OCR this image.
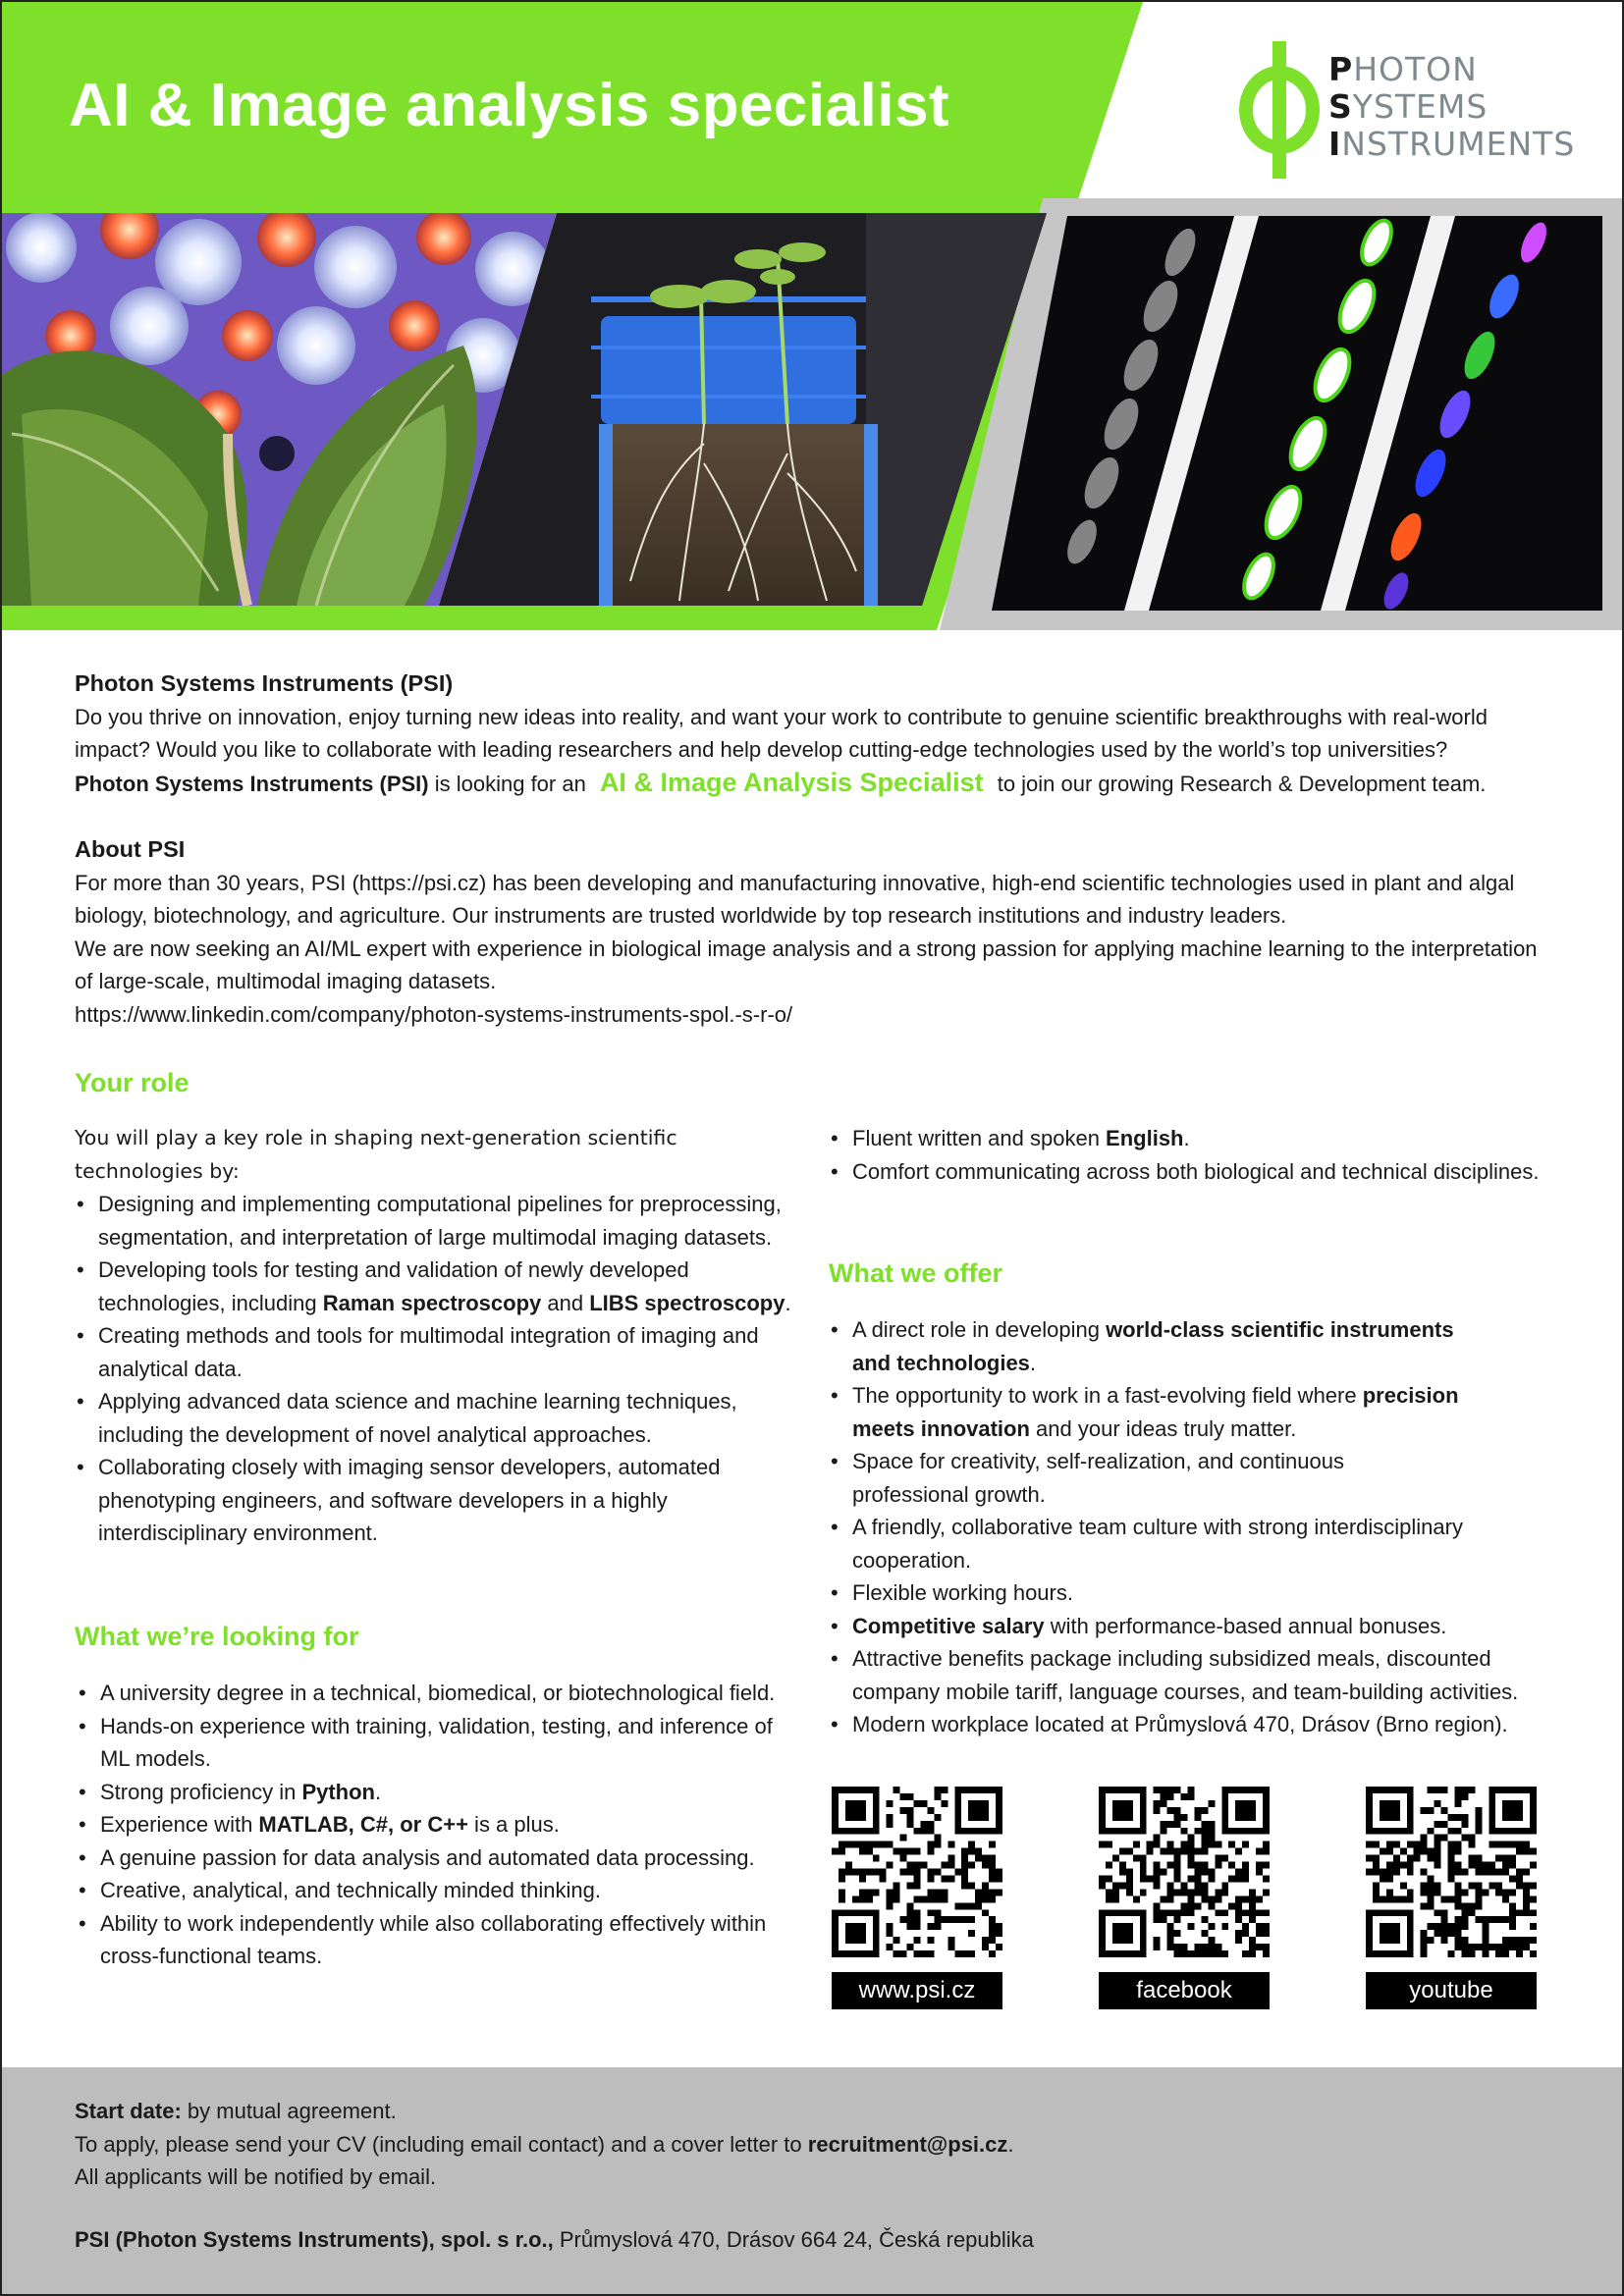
AI & Image analysis specialist
PHOTON
SYSTEMS
INSTRUMENTS

Photon Systems Instruments (PSI)

Do you thrive on innovation, enjoy turning new ideas into reality, and want your work to contribute to genuine scientific breakthroughs with real-world impact? Would you like to collaborate with leading researchers and help develop cutting-edge technologies used by the world’s top universities?

Photon Systems Instruments (PSI) is looking for an AI & Image Analysis Specialist to join our growing Research & Development team.

About PSI

For more than 30 years, PSI (https://psi.cz) has been developing and manufacturing innovative, high-end scientific technologies used in plant and algal biology, biotechnology, and agriculture. Our instruments are trusted worldwide by top research institutions and industry leaders.

We are now seeking an AI/ML expert with experience in biological image analysis and a strong passion for applying machine learning to the interpretation of large-scale, multimodal imaging datasets.

https://www.linkedin.com/company/photon-systems-instruments-spol.-s-r-o/

Your role

You will play a key role in shaping next-generation scientific technologies by:

• Designing and implementing computational pipelines for preprocessing, segmentation, and interpretation of large multimodal imaging datasets.
• Developing tools for testing and validation of newly developed technologies, including Raman spectroscopy and LIBS spectroscopy.
• Creating methods and tools for multimodal integration of imaging and analytical data.
• Applying advanced data science and machine learning techniques, including the development of novel analytical approaches.
• Collaborating closely with imaging sensor developers, automated phenotyping engineers, and software developers in a highly interdisciplinary environment.
What we’re looking for
• A university degree in a technical, biomedical, or biotechnological field.
• Hands-on experience with training, validation, testing, and inference of ML models.
• Strong proficiency in Python.
• Experience with MATLAB, C#, or C++ is a plus.
• A genuine passion for data analysis and automated data processing.
• Creative, analytical, and technically minded thinking.
• Ability to work independently while also collaborating effectively within cross-functional teams.
• Fluent written and spoken English.
• Comfort communicating across both biological and technical disciplines.
What we offer
• A direct role in developing world-class scientific instruments and technologies.
• The opportunity to work in a fast-evolving field where precision meets innovation and your ideas truly matter.
• Space for creativity, self-realization, and continuous professional growth.
• A friendly, collaborative team culture with strong interdisciplinary cooperation.
• Flexible working hours.
• Competitive salary with performance-based annual bonuses.
• Attractive benefits package including subsidized meals, discounted company mobile tariff, language courses, and team-building activities.
• Modern workplace located at Průmyslová 470, Drásov (Brno region).
www.psi.cz	facebook	youtube

Start date: by mutual agreement.

To apply, please send your CV (including email contact) and a cover letter to recruitment@psi.cz.

All applicants will be notified by email.

PSI (Photon Systems Instruments), spol. s r.o., Průmyslová 470, Drásov 664 24, Česká republika
